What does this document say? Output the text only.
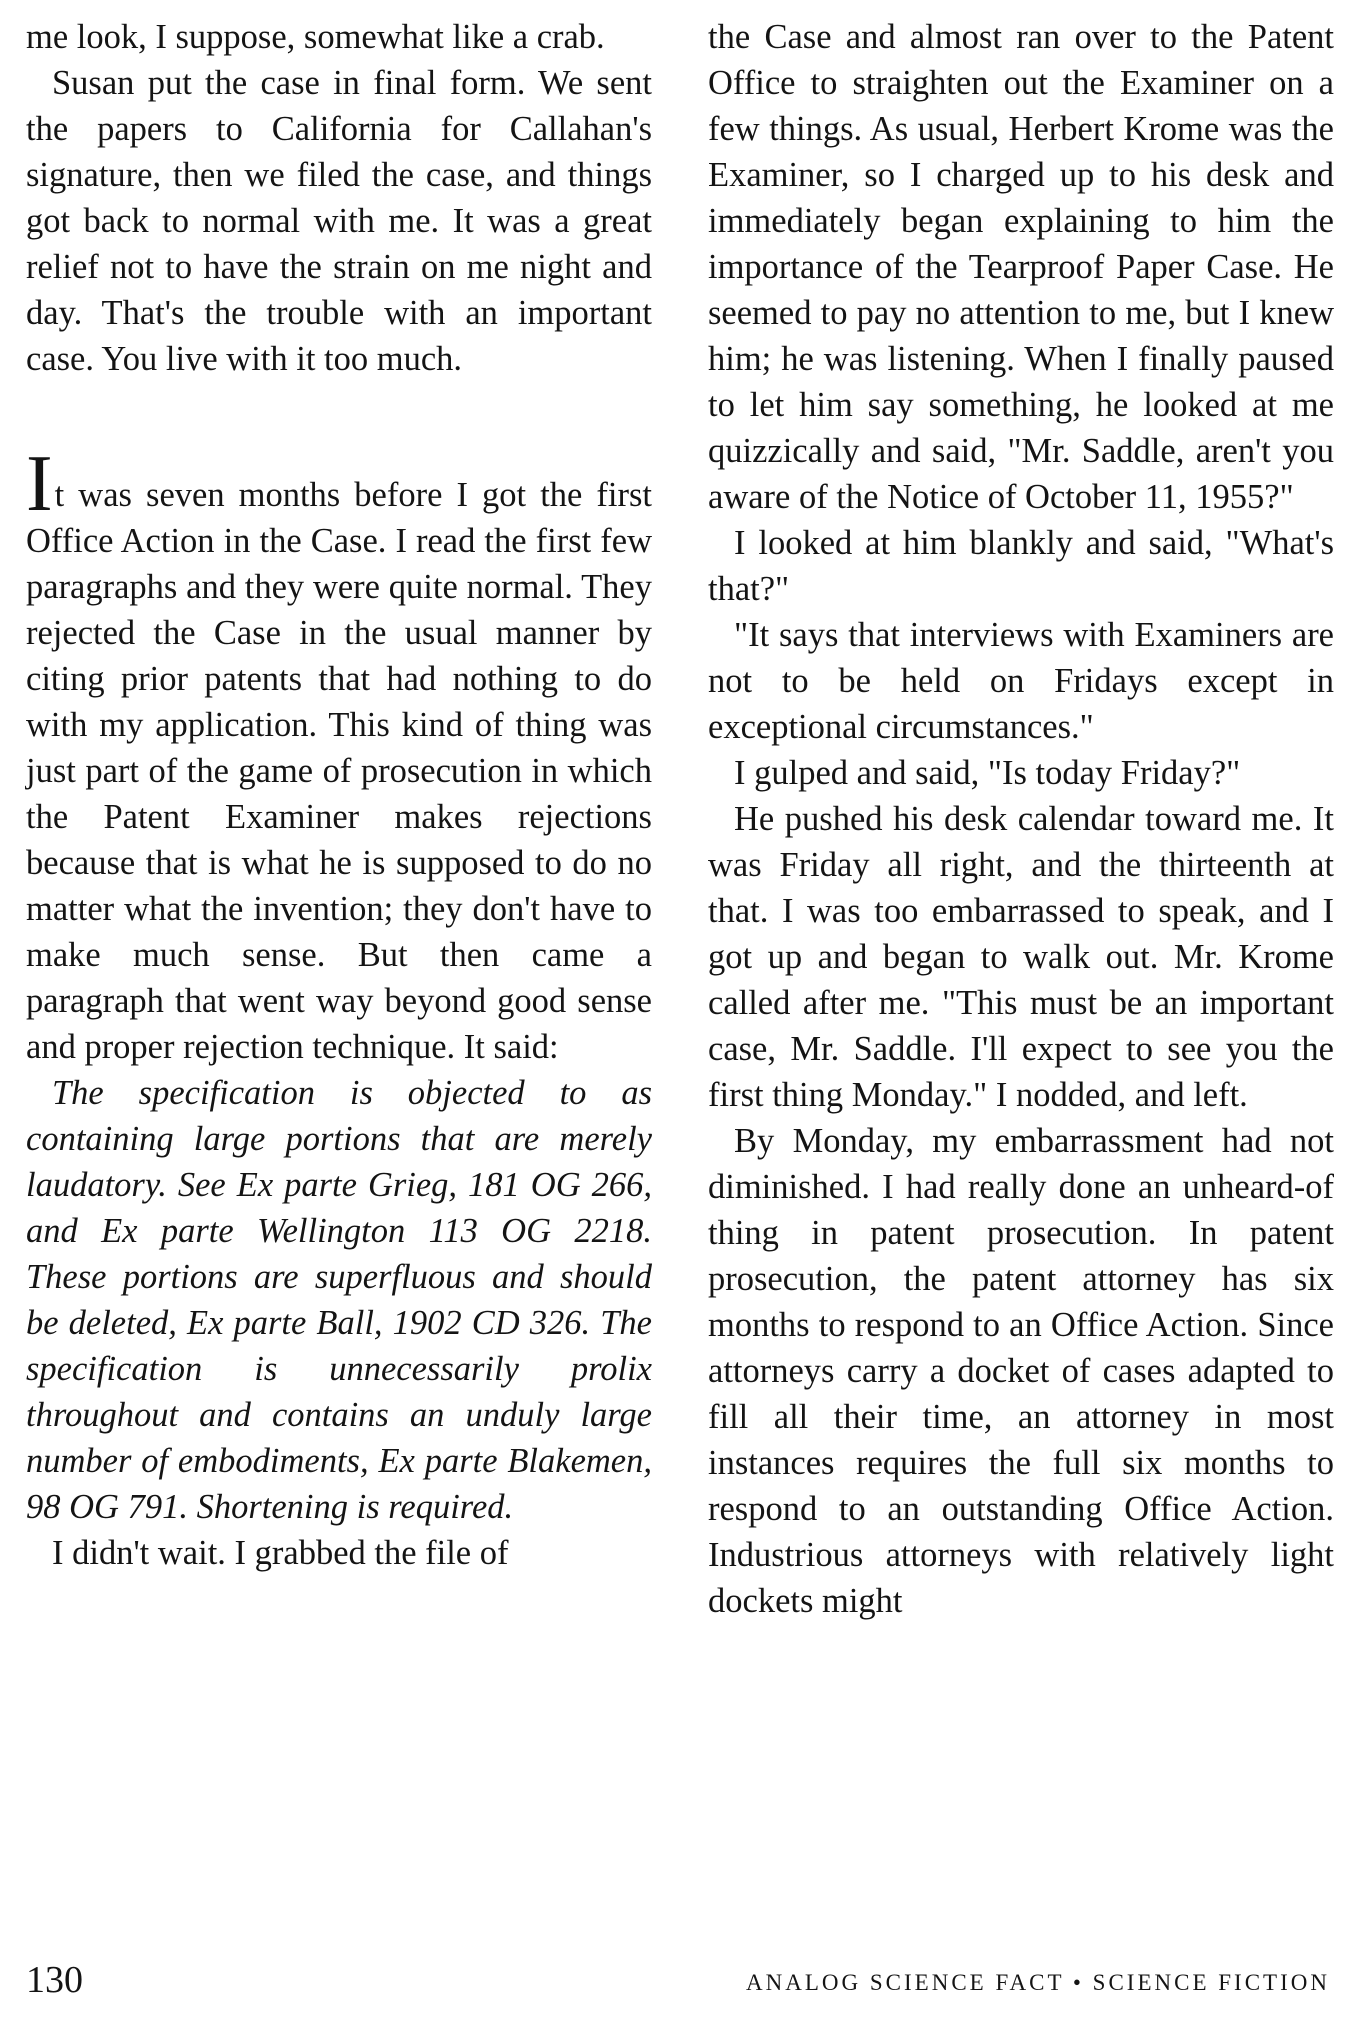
me look, I suppose, somewhat like a crab.

Susan put the case in final form. We sent the papers to California for Callahan's signature, then we filed the case, and things got back to normal with me. It was a great relief not to have the strain on me night and day. That's the trouble with an important case. You live with it too much.

It was seven months before I got the first Office Action in the Case. I read the first few paragraphs and they were quite normal. They rejected the Case in the usual manner by citing prior patents that had nothing to do with my application. This kind of thing was just part of the game of prosecution in which the Patent Examiner makes rejections because that is what he is supposed to do no matter what the invention; they don't have to make much sense. But then came a paragraph that went way beyond good sense and proper rejection technique. It said:

The specification is objected to as containing large portions that are merely laudatory. See Ex parte Grieg, 181 OG 266, and Ex parte Wellington 113 OG 2218. These portions are superfluous and should be deleted, Ex parte Ball, 1902 CD 326. The specification is unnecessarily prolix throughout and contains an unduly large number of embodiments, Ex parte Blakemen, 98 OG 791. Shortening is required.

I didn't wait. I grabbed the file of

the Case and almost ran over to the Patent Office to straighten out the Examiner on a few things. As usual, Herbert Krome was the Examiner, so I charged up to his desk and immediately began explaining to him the importance of the Tearproof Paper Case. He seemed to pay no attention to me, but I knew him; he was listening. When I finally paused to let him say something, he looked at me quizzically and said, "Mr. Saddle, aren't you aware of the Notice of October 11, 1955?"

I looked at him blankly and said, "What's that?"

"It says that interviews with Examiners are not to be held on Fridays except in exceptional circumstances."

I gulped and said, "Is today Friday?"

He pushed his desk calendar toward me. It was Friday all right, and the thirteenth at that. I was too embarrassed to speak, and I got up and began to walk out. Mr. Krome called after me. "This must be an important case, Mr. Saddle. I'll expect to see you the first thing Monday." I nodded, and left.

By Monday, my embarrassment had not diminished. I had really done an unheard-of thing in patent prosecution. In patent prosecution, the patent attorney has six months to respond to an Office Action. Since attorneys carry a docket of cases adapted to fill all their time, an attorney in most instances requires the full six months to respond to an outstanding Office Action. Industrious attorneys with relatively light dockets might

130	ANALOG SCIENCE FACT • SCIENCE FICTION
